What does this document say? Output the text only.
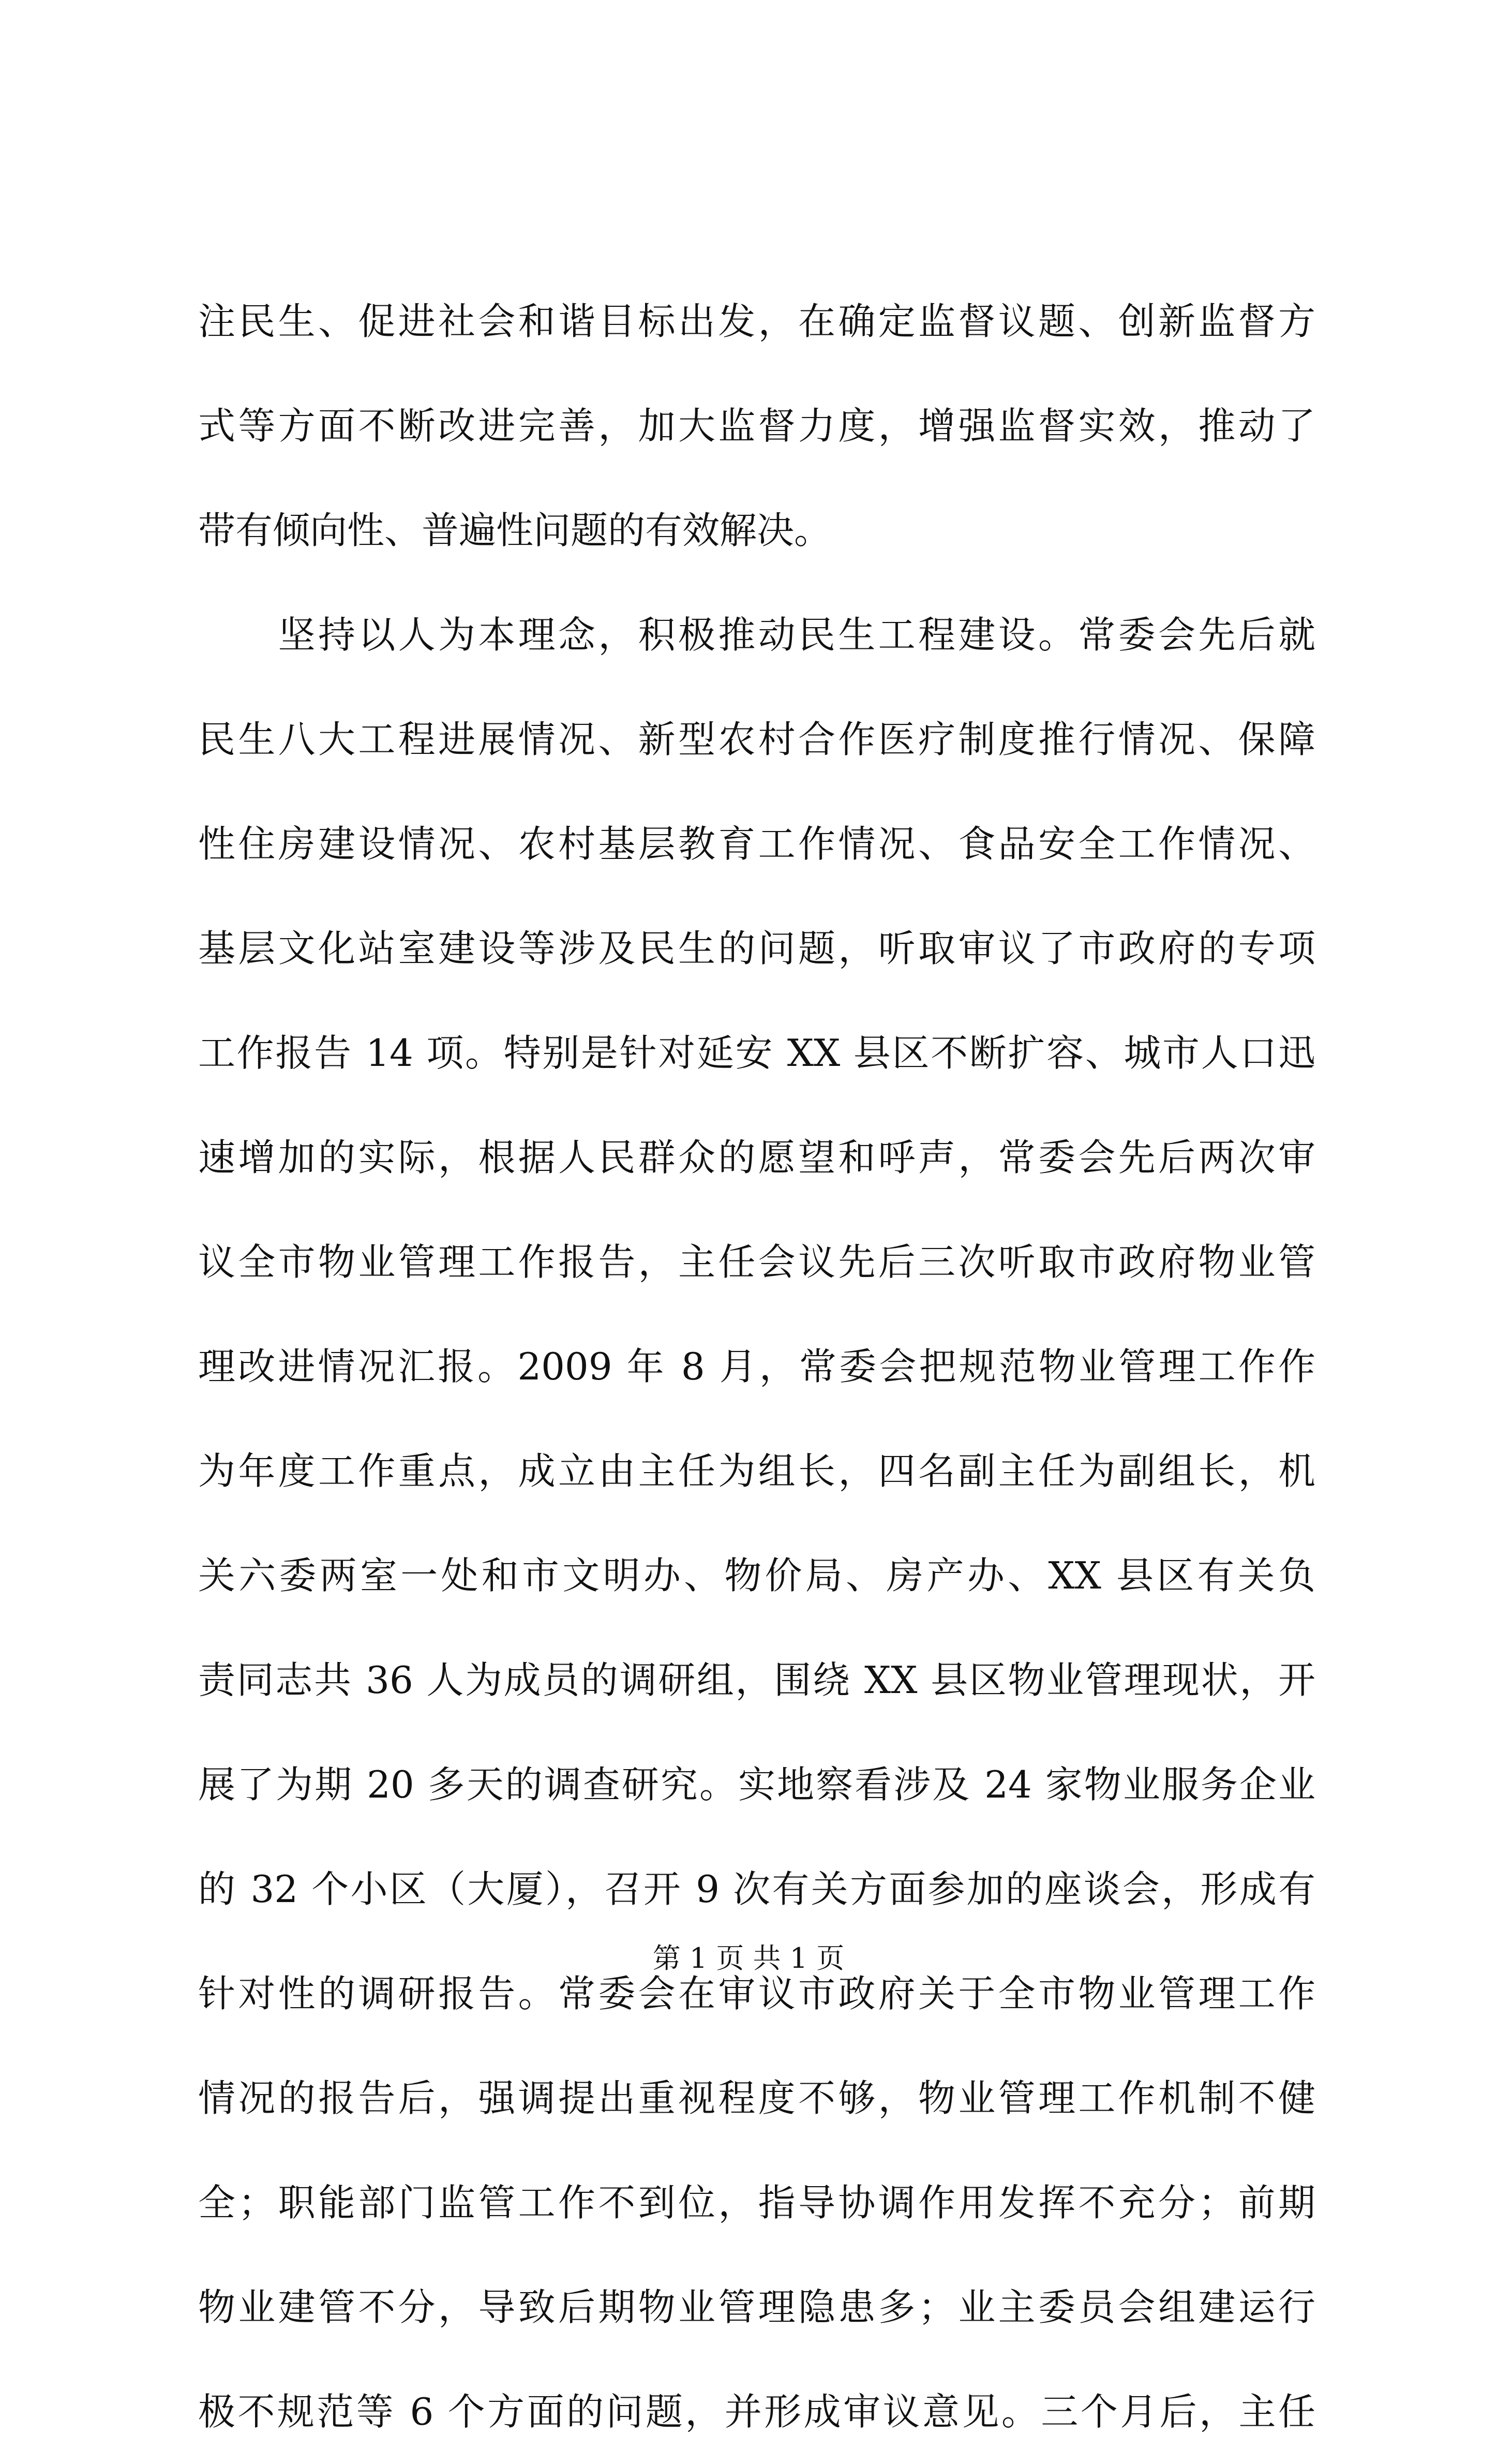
注民生、促进社会和谐目标出发，在确定监督议题、创新监督方
式等方面不断改进完善，加大监督力度，增强监督实效，推动了
带有倾向性、普遍性问题的有效解决。
　　坚持以人为本理念，积极推动民生工程建设。常委会先后就
民生八大工程进展情况、新型农村合作医疗制度推行情况、保障
性住房建设情况、农村基层教育工作情况、食品安全工作情况、
基层文化站室建设等涉及民生的问题，听取审议了市政府的专项
工作报告 14 项。特别是针对延安 XX 县区不断扩容、城市人口迅
速增加的实际，根据人民群众的愿望和呼声，常委会先后两次审
议全市物业管理工作报告，主任会议先后三次听取市政府物业管
理改进情况汇报。2009 年 8 月，常委会把规范物业管理工作作
为年度工作重点，成立由主任为组长，四名副主任为副组长，机
关六委两室一处和市文明办、物价局、房产办、XX 县区有关负
责同志共 36 人为成员的调研组，围绕 XX 县区物业管理现状，开
展了为期 20 多天的调查研究。实地察看涉及 24 家物业服务企业
的 32 个小区（大厦），召开 9 次有关方面参加的座谈会，形成有
针对性的调研报告。常委会在审议市政府关于全市物业管理工作
情况的报告后，强调提出重视程度不够，物业管理工作机制不健
全；职能部门监管工作不到位，指导协调作用发挥不充分；前期
物业建管不分，导致后期物业管理隐患多；业主委员会组建运行
极不规范等 6 个方面的问题，并形成审议意见。三个月后，主任
第 1 页 共 1 页
